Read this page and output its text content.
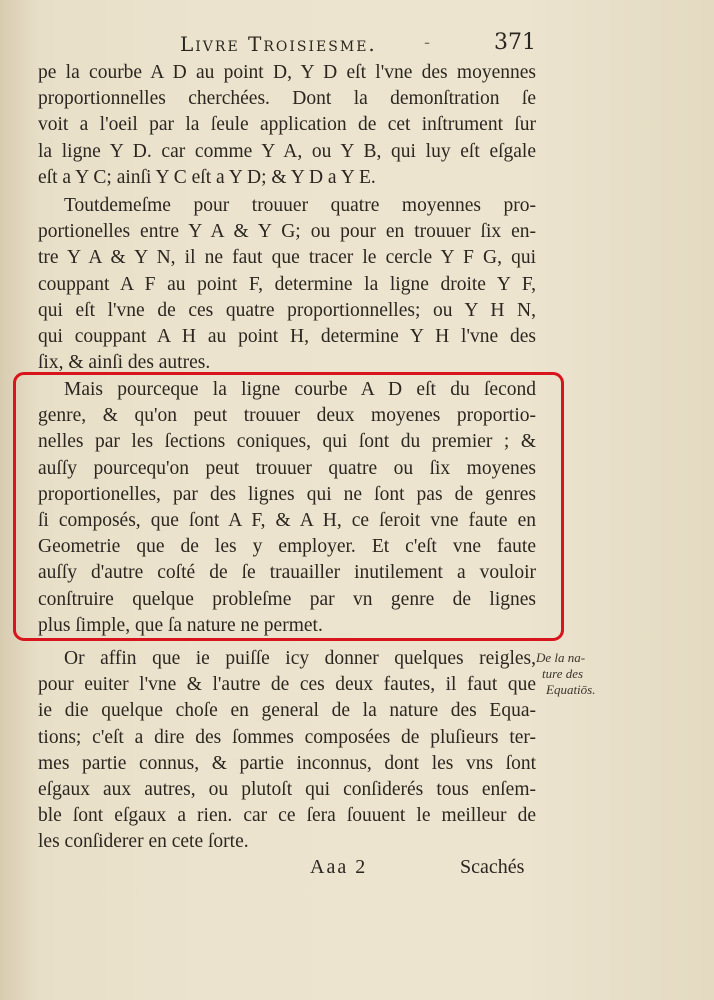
Livre Troisiesme.	-	371
pe la courbe A D au point D, Y D eſt l'vne des moyennes
proportionnelles cherchées. Dont la demonſtration ſe
voit a l'oeil par la ſeule application de cet inſtrument ſur
la ligne Y D. car comme Y A, ou Y B, qui luy eſt eſgale
eſt a Y C; ainſi Y C eſt a Y D; & Y D a Y E.
Toutdemeſme pour trouuer quatre moyennes pro-
portionelles entre Y A & Y G; ou pour en trouuer ſix en-
tre Y A & Y N, il ne faut que tracer le cercle Y F G, qui
couppant A F au point F, determine la ligne droite Y F,
qui eſt l'vne de ces quatre proportionnelles; ou Y H N,
qui couppant A H au point H, determine Y H l'vne des
ſix, & ainſi des autres.
Mais pourceque la ligne courbe A D eſt du ſecond
genre, & qu'on peut trouuer deux moyenes proportio-
nelles par les ſections coniques, qui ſont du premier ; &
auſſy pourcequ'on peut trouuer quatre ou ſix moyenes
proportionelles, par des lignes qui ne ſont pas de genres
ſi composés, que ſont A F, & A H, ce ſeroit vne faute en
Geometrie que de les y employer. Et c'eſt vne faute
auſſy d'autre coſté de ſe trauailler inutilement a vouloir
conſtruire quelque probleſme par vn genre de lignes
plus ſimple, que ſa nature ne permet.
Or affin que ie puiſſe icy donner quelques reigles,
pour euiter l'vne & l'autre de ces deux fautes, il faut que
ie die quelque choſe en general de la nature des Equa-
tions; c'eſt a dire des ſommes composées de pluſieurs ter-
mes partie connus, & partie inconnus, dont les vns ſont
eſgaux aux autres, ou plutoſt qui conſiderés tous enſem-
ble ſont eſgaux a rien. car ce ſera ſouuent le meilleur de
les conſiderer en cete ſorte.
De la na-
ture des
Equatiōs.
Aaa 2	Scachés
